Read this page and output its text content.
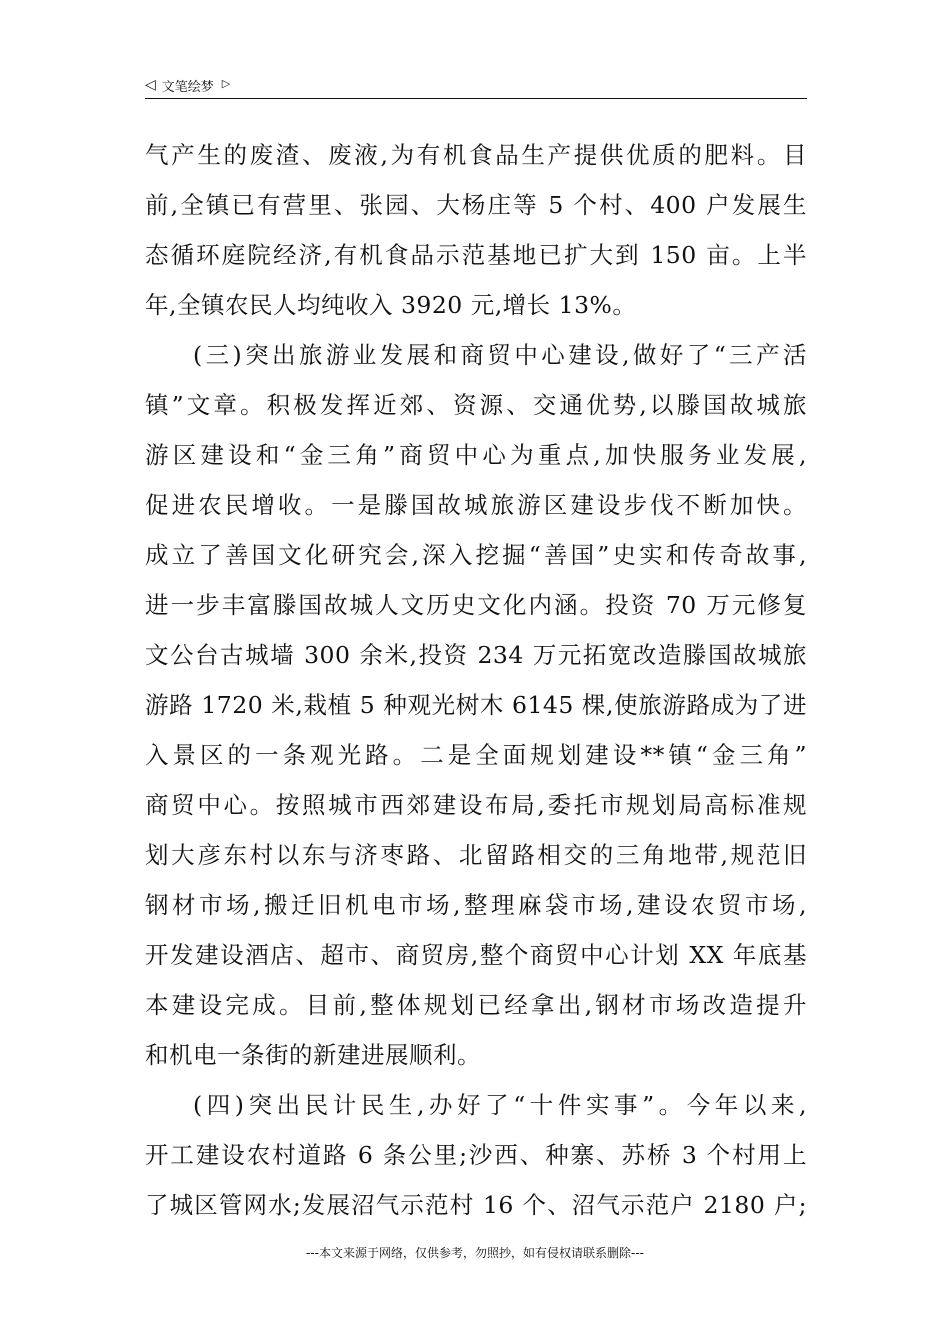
◁ 文笔绘梦 ▷
气产生的废渣、废液,为有机食品生产提供优质的肥料。目
前,全镇已有营里、张园、大杨庄等 5 个村、400 户发展生
态循环庭院经济,有机食品示范基地已扩大到 150 亩。上半
年,全镇农民人均纯收入 3920 元,增长 13%。
(三)突出旅游业发展和商贸中心建设,做好了“三产活
镇”文章。积极发挥近郊、资源、交通优势,以滕国故城旅
游区建设和“金三角”商贸中心为重点,加快服务业发展,
促进农民增收。一是滕国故城旅游区建设步伐不断加快。
成立了善国文化研究会,深入挖掘“善国”史实和传奇故事,
进一步丰富滕国故城人文历史文化内涵。投资 70 万元修复
文公台古城墙 300 余米,投资 234 万元拓宽改造滕国故城旅
游路 1720 米,栽植 5 种观光树木 6145 棵,使旅游路成为了进
入景区的一条观光路。二是全面规划建设**镇“金三角”
商贸中心。按照城市西郊建设布局,委托市规划局高标准规
划大彦东村以东与济枣路、北留路相交的三角地带,规范旧
钢材市场,搬迁旧机电市场,整理麻袋市场,建设农贸市场,
开发建设酒店、超市、商贸房,整个商贸中心计划 XX 年底基
本建设完成。目前,整体规划已经拿出,钢材市场改造提升
和机电一条街的新建进展顺利。
(四)突出民计民生,办好了“十件实事”。今年以来,
开工建设农村道路 6 条公里;沙西、种寨、苏桥 3 个村用上
了城区管网水;发展沼气示范村 16 个、沼气示范户 2180 户;
---本文来源于网络，仅供参考，勿照抄，如有侵权请联系删除---
